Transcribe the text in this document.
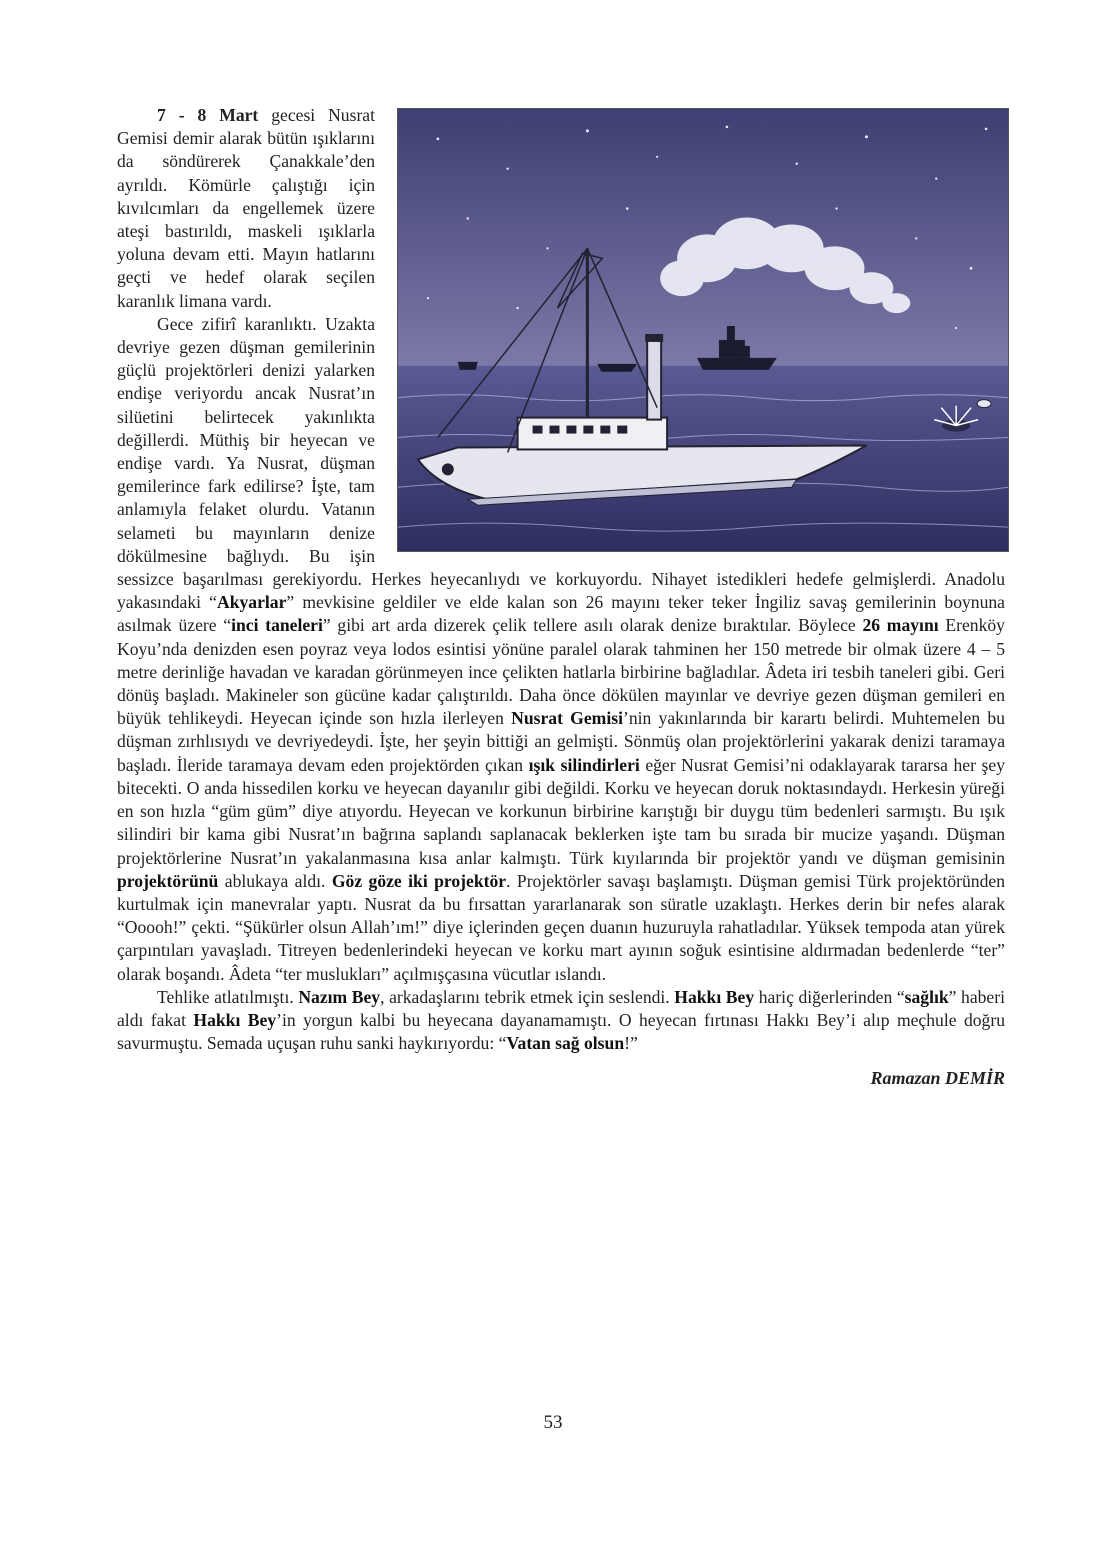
7 - 8 Mart gecesi Nusrat Gemisi demir alarak bütün ışıklarını da söndürerek Çanakkale’den ayrıldı. Kömürle çalıştığı için kıvılcımları da engellemek üzere ateşi bastırıldı, maskeli ışıklarla yoluna devam etti. Mayın hatlarını geçti ve hedef olarak seçilen karanlık limana vardı.

Gece zifirî karanlıktı. Uzakta devriye gezen düşman gemilerinin güçlü projektörleri denizi yalarken endişe veriyordu ancak Nusrat’ın silüetini belirtecek yakınlıkta değillerdi. Müthiş bir heyecan ve endişe vardı. Ya Nusrat, düşman gemilerince fark edilirse? İşte, tam anlamıyla felaket olurdu. Vatanın selameti bu mayınların denize dökülmesine bağlıydı. Bu işin sessizce başarılması gerekiyordu. Herkes heyecanlıydı ve korkuyordu. Nihayet istedikleri hedefe gelmişlerdi. Anadolu yakasındaki “Akyarlar” mevkisine geldiler ve elde kalan son 26 mayını teker teker İngiliz savaş gemilerinin boynuna asılmak üzere “inci taneleri” gibi art arda dizerek çelik tellere asılı olarak denize bıraktılar. Böylece 26 mayını Erenköy Koyu’nda denizden esen poyraz veya lodos esintisi yönüne paralel olarak tahminen her 150 metrede bir olmak üzere 4 – 5 metre derinliğe havadan ve karadan görünmeyen ince çelikten hatlarla birbirine bağladılar. Âdeta iri tesbih taneleri gibi. Geri dönüş başladı. Makineler son gücüne kadar çalıştırıldı. Daha önce dökülen mayınlar ve devriye gezen düşman gemileri en büyük tehlikeydi. Heyecan içinde son hızla ilerleyen Nusrat Gemisi’nin yakınlarında bir karartı belirdi. Muhtemelen bu düşman zırhlısıydı ve devriyedeydi. İşte, her şeyin bittiği an gelmişti. Sönmüş olan projektörlerini yakarak denizi taramaya başladı. İleride taramaya devam eden projektörden çıkan ışık silindirleri eğer Nusrat Gemisi’ni odaklayarak tararsa her şey bitecekti. O anda hissedilen korku ve heyecan dayanılır gibi değildi. Korku ve heyecan doruk noktasındaydı. Herkesin yüreği en son hızla “güm güm” diye atıyordu. Heyecan ve korkunun birbirine karıştığı bir duygu tüm bedenleri sarmıştı. Bu ışık silindiri bir kama gibi Nusrat’ın bağrına saplandı saplanacak beklerken işte tam bu sırada bir mucize yaşandı. Düşman projektörlerine Nusrat’ın yakalanmasına kısa anlar kalmıştı. Türk kıyılarında bir projektör yandı ve düşman gemisinin projektörünü ablukaya aldı. Göz göze iki projektör. Projektörler savaşı başlamıştı. Düşman gemisi Türk projektöründen kurtulmak için manevralar yaptı. Nusrat da bu fırsattan yararlanarak son süratle uzaklaştı. Herkes derin bir nefes alarak “Ooooh!” çekti. “Şükürler olsun Allah’ım!” diye içlerinden geçen duanın huzuruyla rahatladılar. Yüksek tempoda atan yürek çarpıntıları yavaşladı. Titreyen bedenlerindeki heyecan ve korku mart ayının soğuk esintisine aldırmadan bedenlerde “ter” olarak boşandı. Âdeta “ter muslukları” açılmışçasına vücutlar ıslandı.

Tehlike atlatılmıştı. Nazım Bey, arkadaşlarını tebrik etmek için seslendi. Hakkı Bey hariç diğerlerinden “sağlık” haberi aldı fakat Hakkı Bey’in yorgun kalbi bu heyecana dayanamamıştı. O heyecan fırtınası Hakkı Bey’i alıp meçhule doğru savurmuştu. Semada uçuşan ruhu sanki haykırıyordu: “Vatan sağ olsun!”

Ramazan DEMİR
53
